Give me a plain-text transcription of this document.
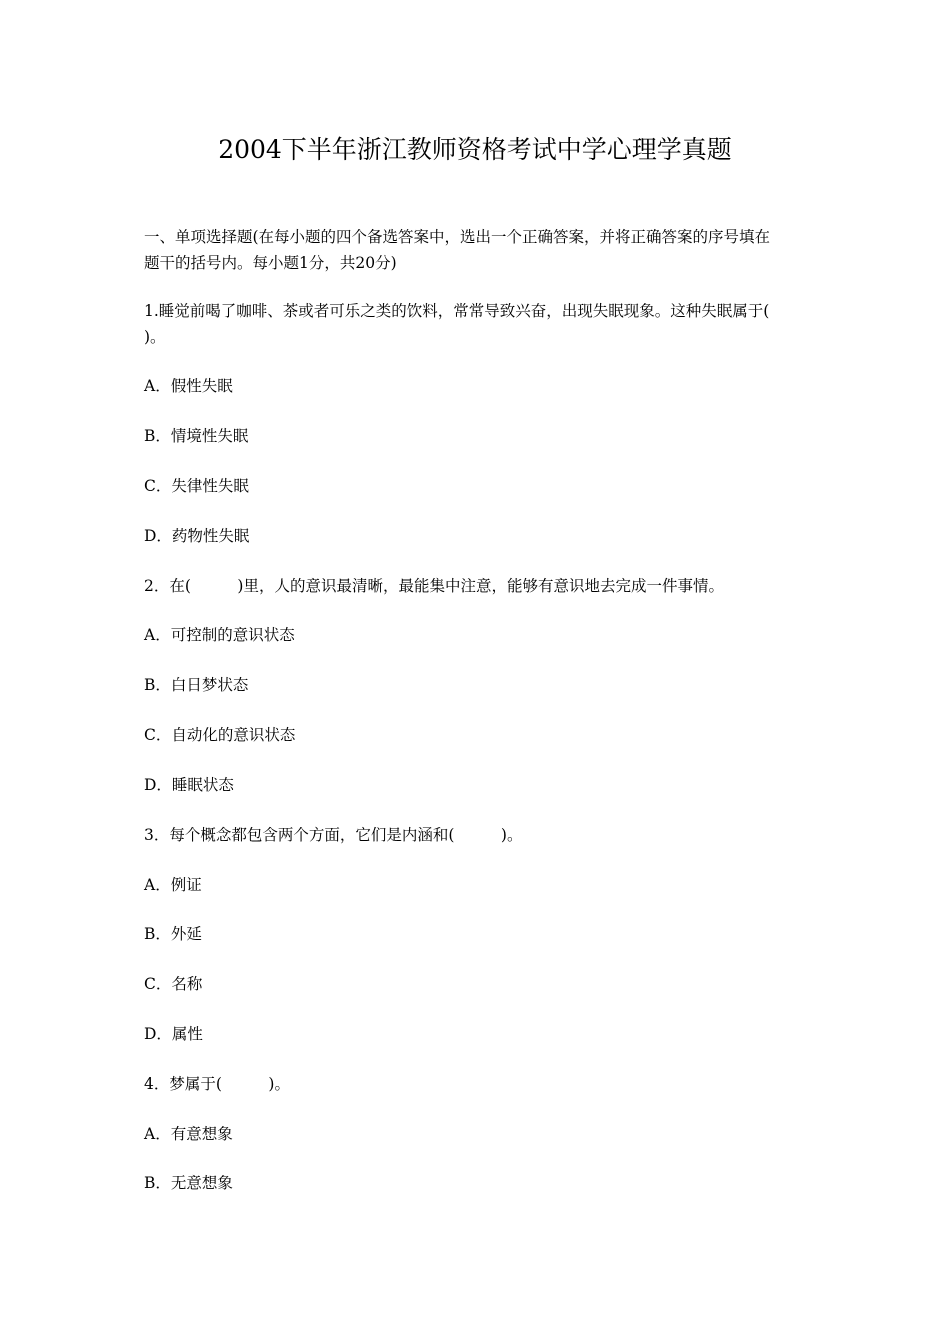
2004下半年浙江教师资格考试中学心理学真题
一、单项选择题(在每小题的四个备选答案中，选出一个正确答案，并将正确答案的序号填在
题干的括号内。每小题1分，共20分)
1.睡觉前喝了咖啡、茶或者可乐之类的饮料，常常导致兴奋，出现失眠现象。这种失眠属于(
)。
A．假性失眠
B．情境性失眠
C．失律性失眠
D．药物性失眠
2．在(　　　)里，人的意识最清晰，最能集中注意，能够有意识地去完成一件事情。
A．可控制的意识状态
B．白日梦状态
C．自动化的意识状态
D．睡眠状态
3．每个概念都包含两个方面，它们是内涵和(　　　)。
A．例证
B．外延
C．名称
D．属性
4．梦属于(　　　)。
A．有意想象
B．无意想象
